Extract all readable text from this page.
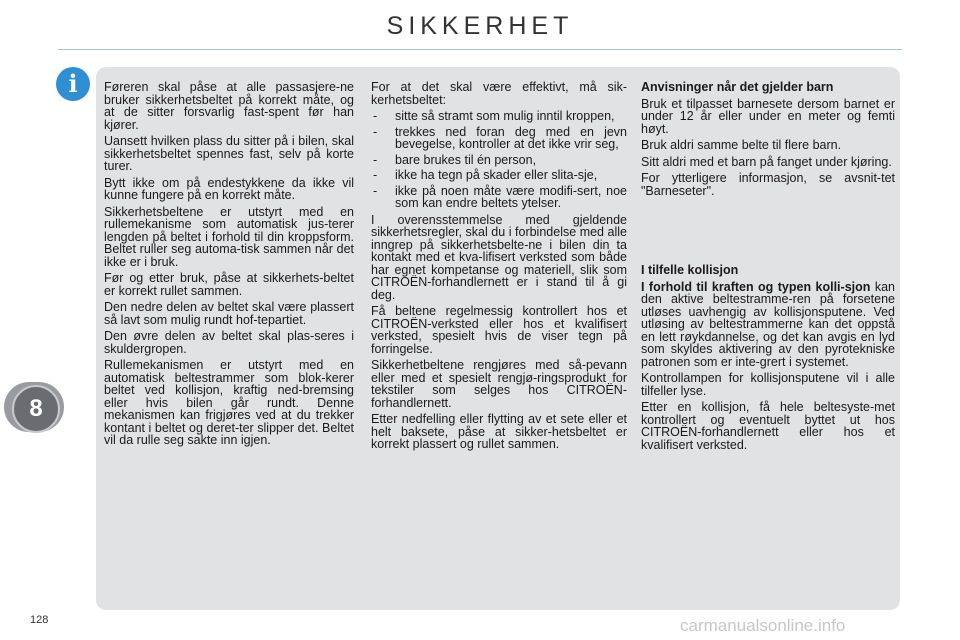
SIKKERHET
i	Føreren skal påse at alle passasjere-ne bruker sikkerhetsbeltet på korrekt måte, og at de sitter forsvarlig fast-spent før han kjører.

Uansett hvilken plass du sitter på i bilen, skal sikkerhetsbeltet spennes fast, selv på korte turer.

Bytt ikke om på endestykkene da ikke vil kunne fungere på en korrekt måte.

Sikkerhetsbeltene er utstyrt med en rullemekanisme som automatisk jus-terer lengden på beltet i forhold til din kroppsform. Beltet ruller seg automa-tisk sammen når det ikke er i bruk.

Før og etter bruk, påse at sikkerhets-beltet er korrekt rullet sammen.

Den nedre delen av beltet skal være plassert så lavt som mulig rundt hof-tepartiet.

Den øvre delen av beltet skal plas-seres i skuldergropen.

Rullemekanismen er utstyrt med en automatisk beltestrammer som blok-kerer beltet ved kollisjon, kraftig ned-bremsing eller hvis bilen går rundt. Denne mekanismen kan frigjøres ved at du trekker kontant i beltet og deret-ter slipper det. Beltet vil da rulle seg sakte inn igjen.

For at det skal være effektivt, må sik-kerhetsbeltet:

- sitte så stramt som mulig inntil kroppen,
- trekkes ned foran deg med en jevn bevegelse, kontroller at det ikke vrir seg,
- bare brukes til én person,
- ikke ha tegn på skader eller slita-sje,
- ikke på noen måte være modifi-sert, noe som kan endre beltets ytelser.

I overensstemmelse med gjeldende sikkerhetsregler, skal du i forbindelse med alle inngrep på sikkerhetsbelte-ne i bilen din ta kontakt med et kva-lifisert verksted som både har egnet kompetanse og materiell, slik som CITROËN-forhandlernett er i stand til å gi deg.

Få beltene regelmessig kontrollert hos et CITROËN-verksted eller hos et kvalifisert verksted, spesielt hvis de viser tegn på forringelse.

Sikkerhetbeltene rengjøres med så-pevann eller med et spesielt rengjø-ringsprodukt for tekstiler som selges hos CITROËN-forhandlernett.

Etter nedfelling eller flytting av et sete eller et helt baksete, påse at sikker-hetsbeltet er korrekt plassert og rullet sammen.

Anvisninger når det gjelder barn

Bruk et tilpasset barnesete dersom barnet er under 12 år eller under en meter og femti høyt.

Bruk aldri samme belte til flere barn.

Sitt aldri med et barn på fanget under kjøring.

For ytterligere informasjon, se avsnit-tet "Barneseter".

I tilfelle kollisjon

I forhold til kraften og typen kolli-sjon kan den aktive beltestramme-ren på forsetene utløses uavhengig av kollisjonsputene. Ved utløsing av beltestrammerne kan det oppstå en lett røykdannelse, og det kan avgis en lyd som skyldes aktivering av den pyrotekniske patronen som er inte-grert i systemet.

Kontrollampen for kollisjonsputene vil i alle tilfeller lyse.

Etter en kollisjon, få hele beltesyste-met kontrollert og eventuelt byttet ut hos CITROËN-forhandlernett eller hos et kvalifisert verksted.

8
128	carmanualsonline.info
